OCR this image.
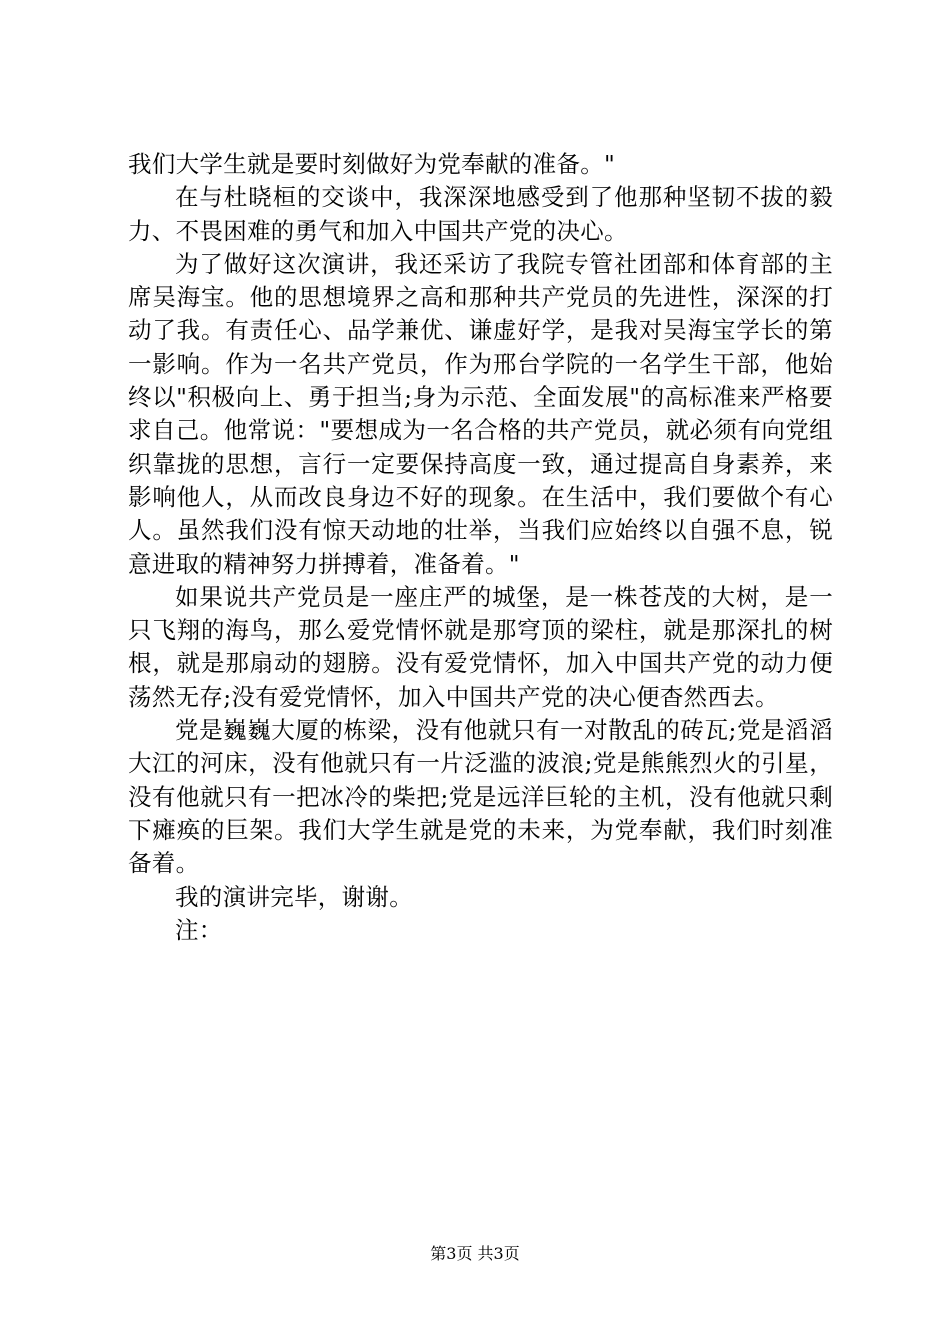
我们大学生就是要时刻做好为党奉献的准备。"

在与杜晓桓的交谈中，我深深地感受到了他那种坚韧不拔的毅力、不畏困难的勇气和加入中国共产党的决心。

为了做好这次演讲，我还采访了我院专管社团部和体育部的主席吴海宝。他的思想境界之高和那种共产党员的先进性，深深的打动了我。有责任心、品学兼优、谦虚好学，是我对吴海宝学长的第一影响。作为一名共产党员，作为邢台学院的一名学生干部，他始终以"积极向上、勇于担当;身为示范、全面发展"的高标准来严格要求自己。他常说："要想成为一名合格的共产党员，就必须有向党组织靠拢的思想，言行一定要保持高度一致，通过提高自身素养，来影响他人，从而改良身边不好的现象。在生活中，我们要做个有心人。虽然我们没有惊天动地的壮举，当我们应始终以自强不息，锐意进取的精神努力拼搏着，准备着。"

如果说共产党员是一座庄严的城堡，是一株苍茂的大树，是一只飞翔的海鸟，那么爱党情怀就是那穹顶的梁柱，就是那深扎的树根，就是那扇动的翅膀。没有爱党情怀，加入中国共产党的动力便荡然无存;没有爱党情怀，加入中国共产党的决心便杳然西去。

党是巍巍大厦的栋梁，没有他就只有一对散乱的砖瓦;党是滔滔大江的河床，没有他就只有一片泛滥的波浪;党是熊熊烈火的引星，没有他就只有一把冰冷的柴把;党是远洋巨轮的主机，没有他就只剩下瘫痪的巨架。我们大学生就是党的未来，为党奉献，我们时刻准备着。

我的演讲完毕，谢谢。

注：

第3页 共3页
